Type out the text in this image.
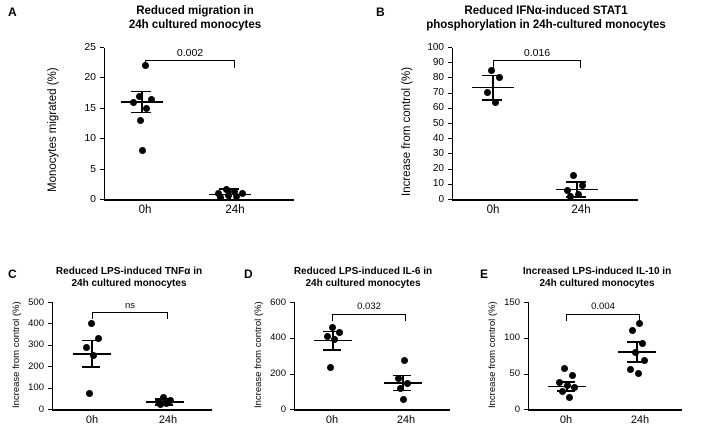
A	Reduced migration in
24h cultured monocytes
0
5
10
15
20
25
Monocytes migrated (%)
0h	24h
0.002
B	Reduced IFNα-induced STAT1
phosphorylation in 24h-cultured monocytes
0
10
20
30
40
50
60
70
80
90
100
Increase from control (%)
0h	24h
0.016
C	Reduced LPS-induced TNFα in
24h cultured monocytes
0
100
200
300
400
500
Increase from control (%)
0h	24h
ns
D	Reduced LPS-induced IL-6 in
24h cultured monocytes
0
200
400
600
Increase from control (%)
0h	24h
0.032
E	Increased LPS-induced IL-10 in
24h cultured monocytes
0
50
100
150
Increase from control (%)
0h	24h
0.004
